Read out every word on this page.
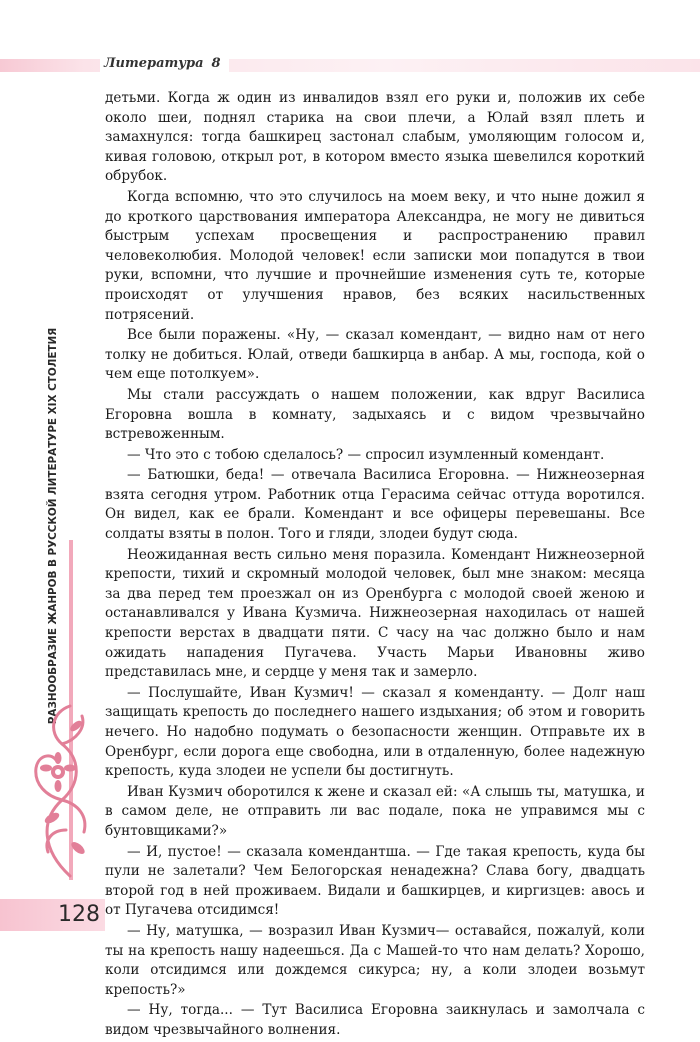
Литература 8
РАЗНООБРАЗИЕ ЖАНРОВ В РУССКОЙ ЛИТЕРАТУРЕ XIX СТОЛЕТИЯ
128

детьми. Когда ж один из инвалидов взял его руки и, положив их себе около шеи, поднял старика на свои плечи, а Юлай взял плеть и замахнулся: тогда башкирец застонал слабым, умоляющим голосом и, кивая головою, открыл рот, в котором вместо языка шевелился короткий обрубок.

Когда вспомню, что это случилось на моем веку, и что ныне дожил я до кроткого царствования императора Александра, не могу не дивиться быстрым успехам просвещения и распространению правил человеколюбия. Молодой человек! если записки мои попадутся в твои руки, вспомни, что лучшие и прочнейшие изменения суть те, которые происходят от улучшения нравов, без всяких насильственных потрясений.

Все были поражены. «Ну, — сказал комендант, — видно нам от него толку не добиться. Юлай, отведи башкирца в анбар. А мы, господа, кой о чем еще потолкуем».

Мы стали рассуждать о нашем положении, как вдруг Василиса Егоровна вошла в комнату, задыхаясь и с видом чрезвычайно встревоженным.

— Что это с тобою сделалось? — спросил изумленный комендант.

— Батюшки, беда! — отвечала Василиса Егоровна. — Нижнеозерная взята сегодня утром. Работник отца Герасима сейчас оттуда воротился. Он видел, как ее брали. Комендант и все офицеры перевешаны. Все солдаты взяты в полон. Того и гляди, злодеи будут сюда.

Неожиданная весть сильно меня поразила. Комендант Нижнеозерной крепости, тихий и скромный молодой человек, был мне знаком: месяца за два перед тем проезжал он из Оренбурга с молодой своей женою и останавливался у Ивана Кузмича. Нижнеозерная находилась от нашей крепости верстах в двадцати пяти. С часу на час должно было и нам ожидать нападения Пугачева. Участь Марьи Ивановны живо представилась мне, и сердце у меня так и замерло.

— Послушайте, Иван Кузмич! — сказал я коменданту. — Долг наш защищать крепость до последнего нашего издыхания; об этом и говорить нечего. Но надобно подумать о безопасности женщин. Отправьте их в Оренбург, если дорога еще свободна, или в отдаленную, более надежную крепость, куда злодеи не успели бы достигнуть.

Иван Кузмич оборотился к жене и сказал ей: «А слышь ты, матушка, и в самом деле, не отправить ли вас подале, пока не управимся мы с бунтовщиками?»

— И, пустое! — сказала комендантша. — Где такая крепость, куда бы пули не залетали? Чем Белогорская ненадежна? Слава богу, двадцать второй год в ней проживаем. Видали и башкирцев, и киргизцев: авось и от Пугачева отсидимся!

— Ну, матушка, — возразил Иван Кузмич— оставайся, пожалуй, коли ты на крепость нашу надеешься. Да с Машей-то что нам делать? Хорошо, коли отсидимся или дождемся сикурса; ну, а коли злодеи возьмут крепость?»

— Ну, тогда... — Тут Василиса Егоровна заикнулась и замолчала с видом чрезвычайного волнения.
